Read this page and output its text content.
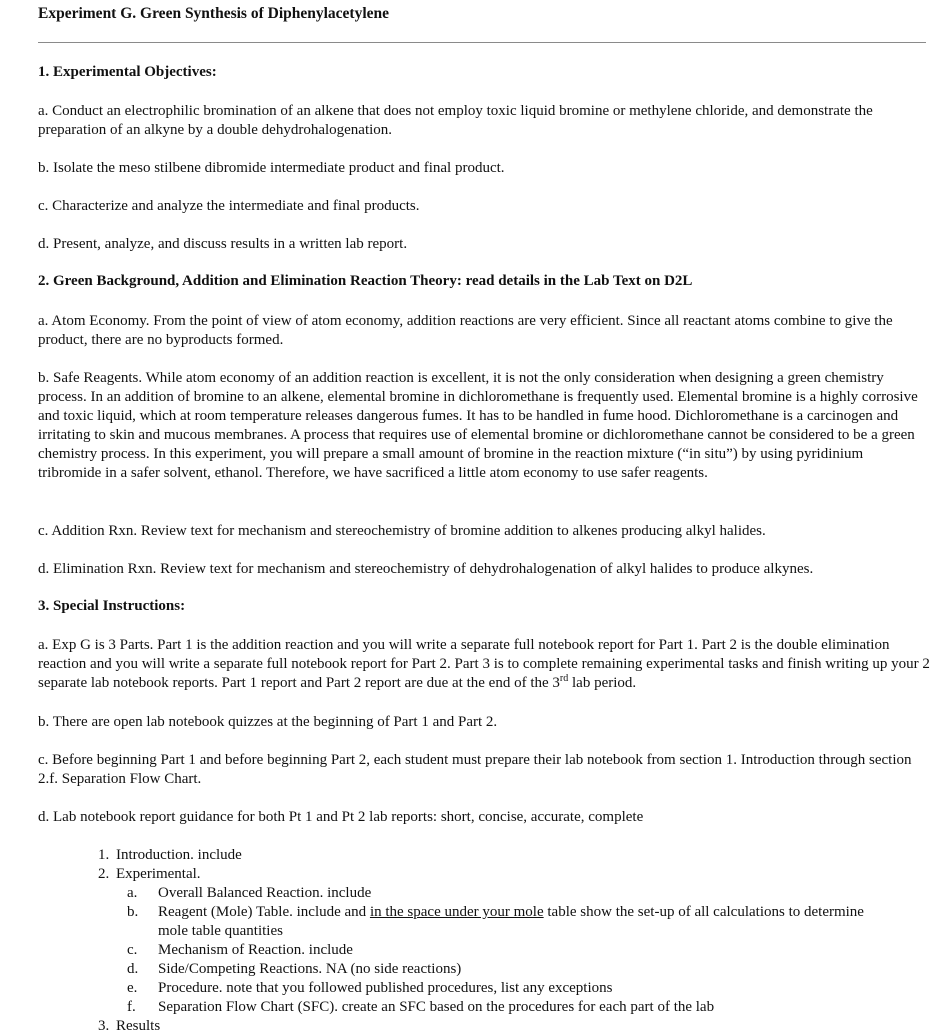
Experiment G. Green Synthesis of Diphenylacetylene
1. Experimental Objectives:
a. Conduct an electrophilic bromination of an alkene that does not employ toxic liquid bromine or methylene chloride, and demonstrate the preparation of an alkyne by a double dehydrohalogenation.
b. Isolate the meso stilbene dibromide intermediate product and final product.
c. Characterize and analyze the intermediate and final products.
d. Present, analyze, and discuss results in a written lab report.
2. Green Background, Addition and Elimination Reaction Theory: read details in the Lab Text on D2L
a. Atom Economy. From the point of view of atom economy, addition reactions are very efficient. Since all reactant atoms combine to give the product, there are no byproducts formed.
b. Safe Reagents. While atom economy of an addition reaction is excellent, it is not the only consideration when designing a green chemistry process. In an addition of bromine to an alkene, elemental bromine in dichloromethane is frequently used. Elemental bromine is a highly corrosive and toxic liquid, which at room temperature releases dangerous fumes. It has to be handled in fume hood. Dichloromethane is a carcinogen and irritating to skin and mucous membranes. A process that requires use of elemental bromine or dichloromethane cannot be considered to be a green chemistry process. In this experiment, you will prepare a small amount of bromine in the reaction mixture (“in situ”) by using pyridinium tribromide in a safer solvent, ethanol. Therefore, we have sacrificed a little atom economy to use safer reagents.
c. Addition Rxn. Review text for mechanism and stereochemistry of bromine addition to alkenes producing alkyl halides.
d. Elimination Rxn. Review text for mechanism and stereochemistry of dehydrohalogenation of alkyl halides to produce alkynes.
3. Special Instructions:
a. Exp G is 3 Parts. Part 1 is the addition reaction and you will write a separate full notebook report for Part 1. Part 2 is the double elimination reaction and you will write a separate full notebook report for Part 2. Part 3 is to complete remaining experimental tasks and finish writing up your 2 separate lab notebook reports. Part 1 report and Part 2 report are due at the end of the 3rd lab period.
b. There are open lab notebook quizzes at the beginning of Part 1 and Part 2.
c. Before beginning Part 1 and before beginning Part 2, each student must prepare their lab notebook from section 1. Introduction through section 2.f. Separation Flow Chart.
d. Lab notebook report guidance for both Pt 1 and Pt 2 lab reports: short, concise, accurate, complete
1. Introduction. include
2. Experimental.
a. Overall Balanced Reaction. include
b. Reagent (Mole) Table. include and in the space under your mole table show the set-up of all calculations to determine mole table quantities
c. Mechanism of Reaction. include
d. Side/Competing Reactions. NA (no side reactions)
e. Procedure. note that you followed published procedures, list any exceptions
f. Separation Flow Chart (SFC). create an SFC based on the procedures for each part of the lab
3. Results
